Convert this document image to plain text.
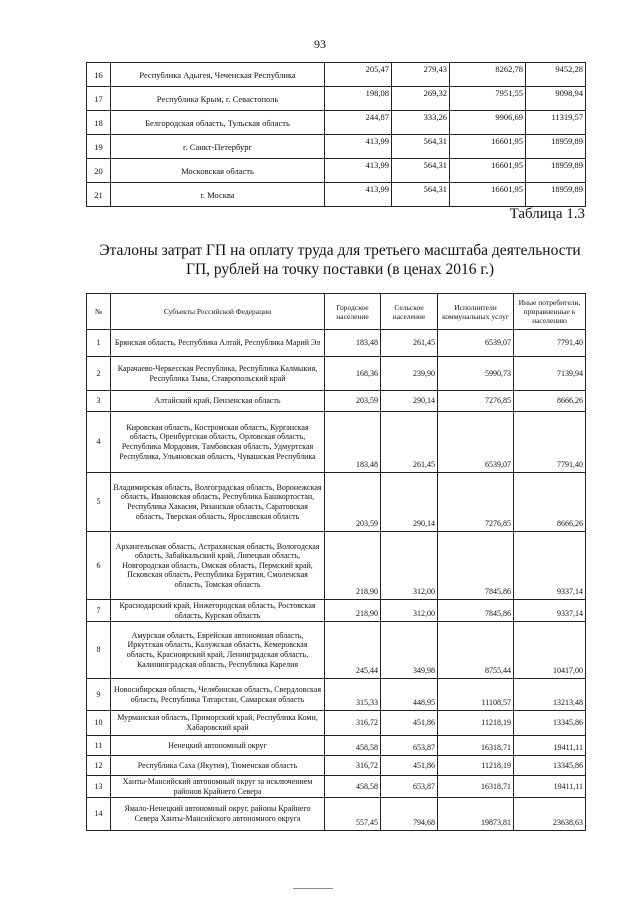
93
16	Республика Адыгея, Чеченская Республика	205,47	279,43	8262,78	9452,28
17	Республика Крым, г. Севастополь	198,08	269,32	7951,55	9098,94
18	Белгородская область, Тульская область	244,87	333,26	9906,69	11319,57
19	г. Санкт-Петербург	413,99	564,31	16601,95	18959,89
20	Московская область	413,99	564,31	16601,95	18959,89
21	г. Москва	413,99	564,31	16601,95	18959,89
Таблица 1.3
Эталоны затрат ГП на оплату труда для третьего масштаба деятельности
ГП, рублей на точку поставки (в ценах 2016 г.)
№	Субъекты Российской Федерации	Городское население	Сельское население	Исполнители коммунальных услуг	Иные потребители, приравненные к населению
1	Брянская область, Республика Алтай, Республика Марий Эл	183,48	261,45	6539,07	7791,40
2	Карачаево-Черкесская Республика, Республика Калмыкия, Республика Тыва, Ставропольский край	168,36	239,90	5990,73	7139,94
3	Алтайский край, Пензенская область	203,59	290,14	7276,85	8666,26
4	Кировская область, Костромская область, Курганская область, Оренбургская область, Орловская область, Республика Мордовия, Тамбовская область, Удмуртская Республика, Ульяновская область, Чувашская Республика	183,48	261,45	6539,07	7791,40
5	Владимирская область, Волгоградская область, Воронежская область, Ивановская область, Республика Башкортостан, Республика Хакасия, Рязанская область, Саратовская область, Тверская область, Ярославская область	203,59	290,14	7276,85	8666,26
6	Архангельская область, Астраханская область, Вологодская область, Забайкальский край, Липецкая область, Новгородская область, Омская область, Пермский край, Псковская область, Республика Бурятия, Смоленская область, Томская область	218,90	312,00	7845,86	9337,14
7	Краснодарский край, Нижегородская область, Ростовская область, Курская область	218,90	312,00	7845,86	9337,14
8	Амурская область, Еврейская автономная область, Иркутская область, Калужская область, Кемеровская область, Красноярский край, Ленинградская область, Калининградская область, Республика Карелия	245,44	349,98	8755,44	10417,00
9	Новосибирская область, Челябинская область, Свердловская область, Республика Татарстан, Самарская область	315,33	448,95	11108,57	13213,48
10	Мурманская область, Приморский край, Республика Коми, Хабаровский край	316,72	451,86	11218,19	13345,86
11	Ненецкий автономный округ	458,58	653,87	16318,71	19411,11
12	Республика Саха (Якутия), Тюменская область	316,72	451,86	11218,19	13345,86
13	Ханты-Мансийский автономный округ за исключением районов Крайнего Севера	458,58	653,87	16318,71	19411,11
14	Ямало-Ненецкий автономный округ, районы Крайнего Севера Ханты-Мансийского автономного округа	557,45	794,68	19873,81	23638,63
